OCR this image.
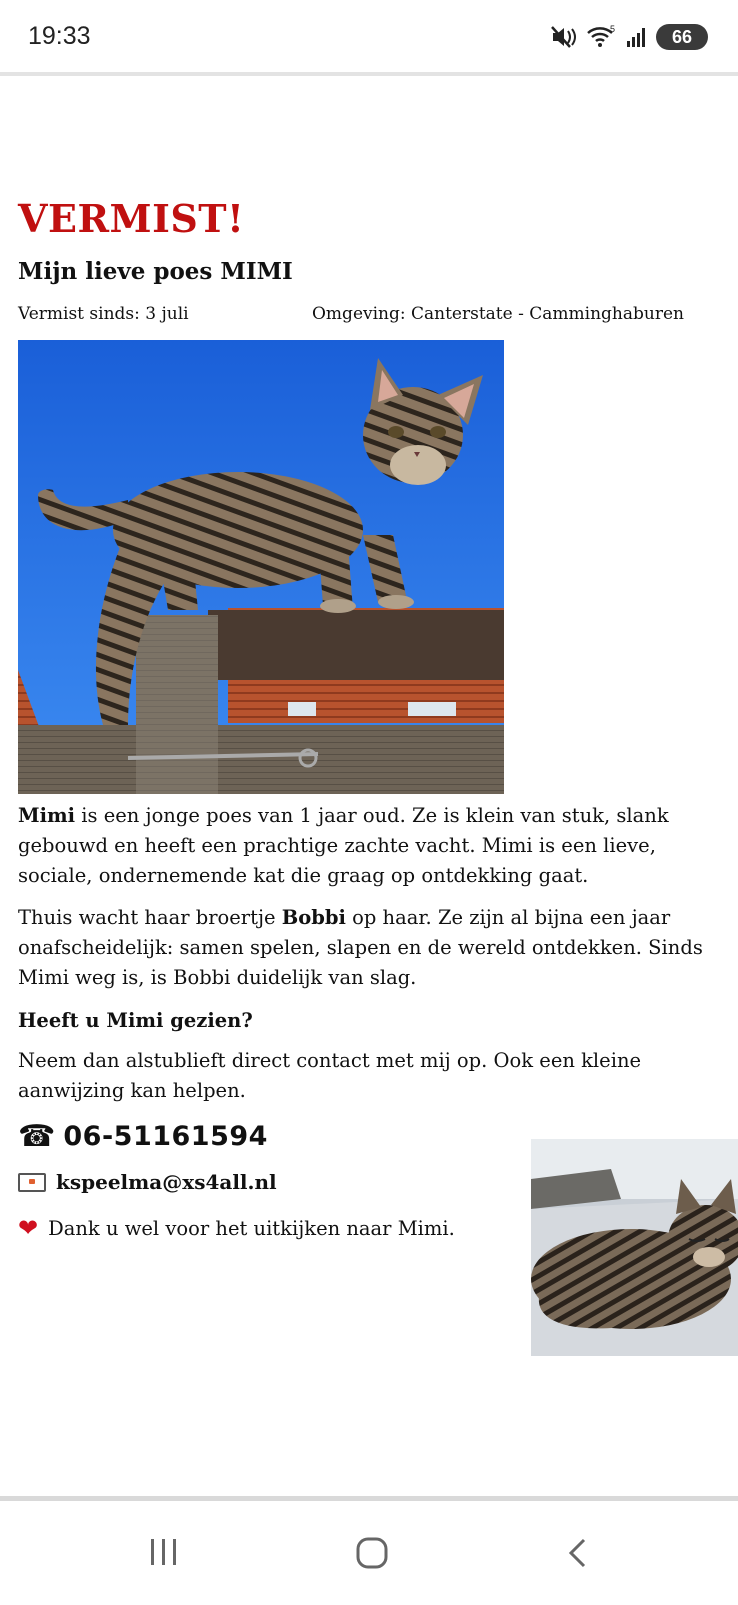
19:33	5	66
VERMIST!
Mijn lieve poes MIMI
Vermist sinds: 3 juli	Omgeving: Canterstate - Camminghaburen

Mimi is een jonge poes van 1 jaar oud. Ze is klein van stuk, slank
gebouwd en heeft een prachtige zachte vacht. Mimi is een lieve,
sociale, ondernemende kat die graag op ontdekking gaat.

Thuis wacht haar broertje Bobbi op haar. Ze zijn al bijna een jaar
onafscheidelijk: samen spelen, slapen en de wereld ontdekken. Sinds
Mimi weg is, is Bobbi duidelijk van slag.

Heeft u Mimi gezien?

Neem dan alstublieft direct contact met mij op. Ook een kleine
aanwijzing kan helpen.

☎ 06-51161594
kspeelma@xs4all.nl
❤ Dank u wel voor het uitkijken naar Mimi.
